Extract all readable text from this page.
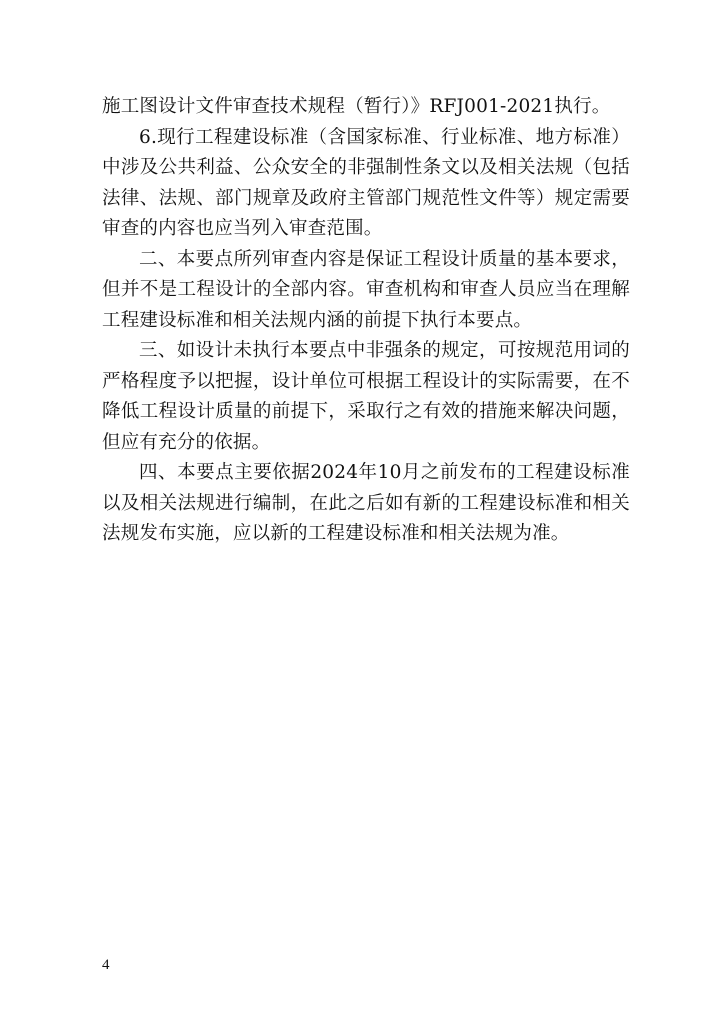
施工图设计文件审查技术规程（暂行）》RFJ001-2021执行。

6.现行工程建设标准（含国家标准、行业标准、地方标准）中涉及公共利益、公众安全的非强制性条文以及相关法规（包括法律、法规、部门规章及政府主管部门规范性文件等）规定需要审查的内容也应当列入审查范围。

二、本要点所列审查内容是保证工程设计质量的基本要求，但并不是工程设计的全部内容。审查机构和审查人员应当在理解工程建设标准和相关法规内涵的前提下执行本要点。

三、如设计未执行本要点中非强条的规定，可按规范用词的严格程度予以把握，设计单位可根据工程设计的实际需要，在不降低工程设计质量的前提下，采取行之有效的措施来解决问题，但应有充分的依据。

四、本要点主要依据2024年10月之前发布的工程建设标准以及相关法规进行编制，在此之后如有新的工程建设标准和相关法规发布实施，应以新的工程建设标准和相关法规为准。

4
